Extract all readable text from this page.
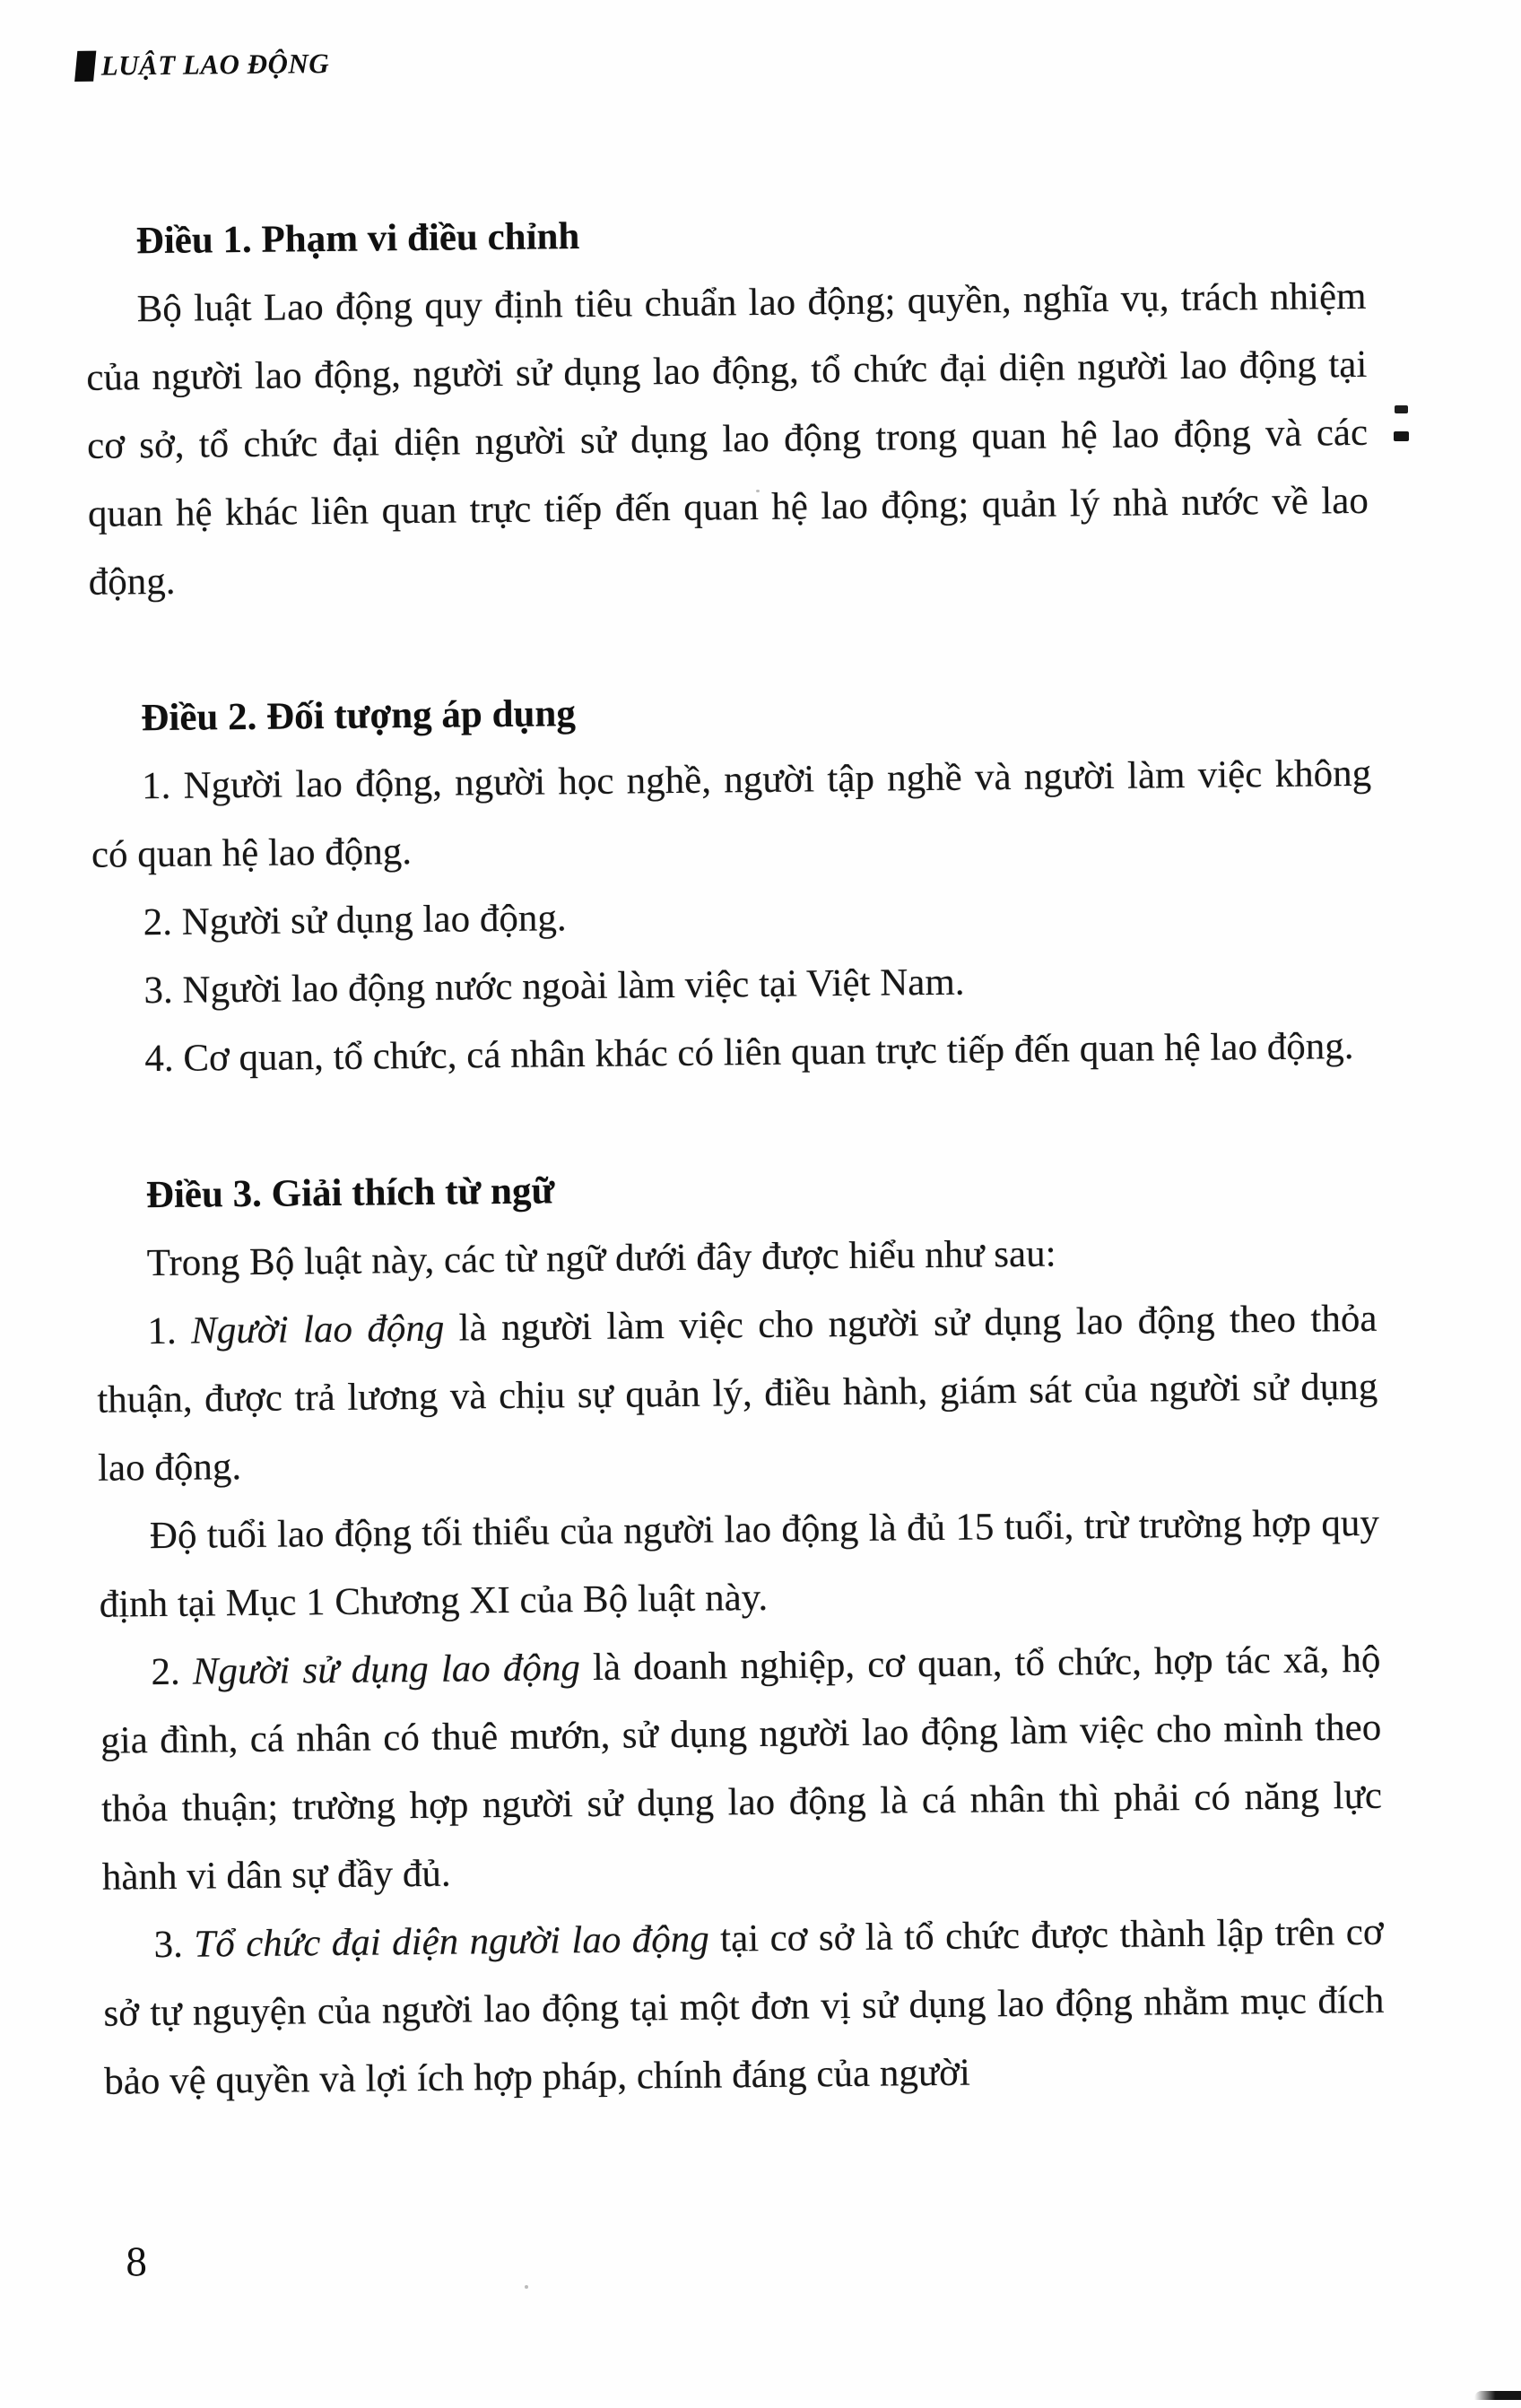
LUẬT LAO ĐỘNG
Điều 1. Phạm vi điều chỉnh

Bộ luật Lao động quy định tiêu chuẩn lao động; quyền, nghĩa vụ, trách nhiệm của người lao động, người sử dụng lao động, tổ chức đại diện người lao động tại cơ sở, tổ chức đại diện người sử dụng lao động trong quan hệ lao động và các quan hệ khác liên quan trực tiếp đến quan hệ lao động; quản lý nhà nước về lao động.

Điều 2. Đối tượng áp dụng

1. Người lao động, người học nghề, người tập nghề và người làm việc không có quan hệ lao động.

2. Người sử dụng lao động.

3. Người lao động nước ngoài làm việc tại Việt Nam.

4. Cơ quan, tổ chức, cá nhân khác có liên quan trực tiếp đến quan hệ lao động.

Điều 3. Giải thích từ ngữ

Trong Bộ luật này, các từ ngữ dưới đây được hiểu như sau:

1. Người lao động là người làm việc cho người sử dụng lao động theo thỏa thuận, được trả lương và chịu sự quản lý, điều hành, giám sát của người sử dụng lao động.

Độ tuổi lao động tối thiểu của người lao động là đủ 15 tuổi, trừ trường hợp quy định tại Mục 1 Chương XI của Bộ luật này.

2. Người sử dụng lao động là doanh nghiệp, cơ quan, tổ chức, hợp tác xã, hộ gia đình, cá nhân có thuê mướn, sử dụng người lao động làm việc cho mình theo thỏa thuận; trường hợp người sử dụng lao động là cá nhân thì phải có năng lực hành vi dân sự đầy đủ.

3. Tổ chức đại diện người lao động tại cơ sở là tổ chức được thành lập trên cơ sở tự nguyện của người lao động tại một đơn vị sử dụng lao động nhằm mục đích bảo vệ quyền và lợi ích hợp pháp, chính đáng của người

8
